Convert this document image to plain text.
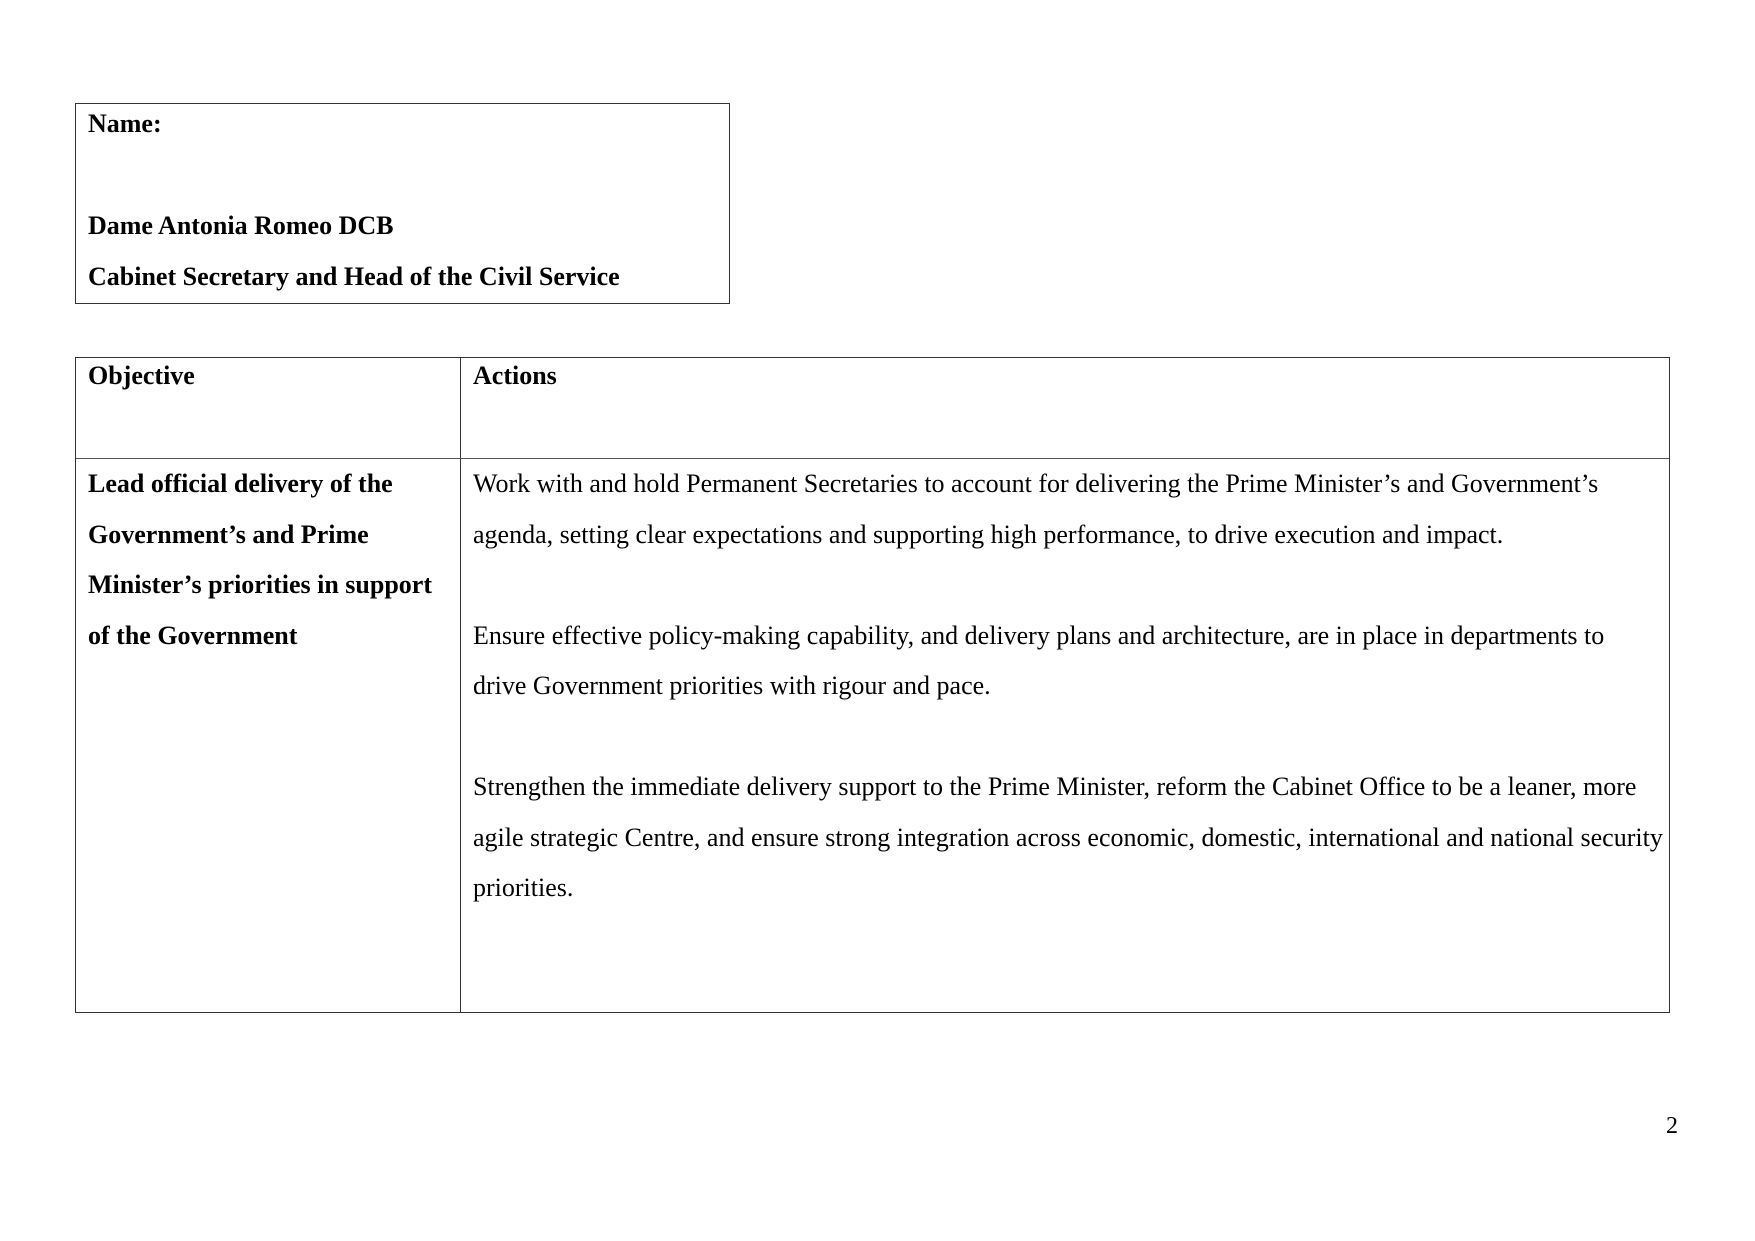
Name:
Dame Antonia Romeo DCB
Cabinet Secretary and Head of the Civil Service
Objective	Actions
Lead official delivery of the Government’s and Prime Minister’s priorities in support of the Government

Work with and hold Permanent Secretaries to account for delivering the Prime Minister’s and Government’s agenda, setting clear expectations and supporting high performance, to drive execution and impact.

Ensure effective policy-making capability, and delivery plans and architecture, are in place in departments to drive Government priorities with rigour and pace.

Strengthen the immediate delivery support to the Prime Minister, reform the Cabinet Office to be a leaner, more agile strategic Centre, and ensure strong integration across economic, domestic, international and national security priorities.

2
